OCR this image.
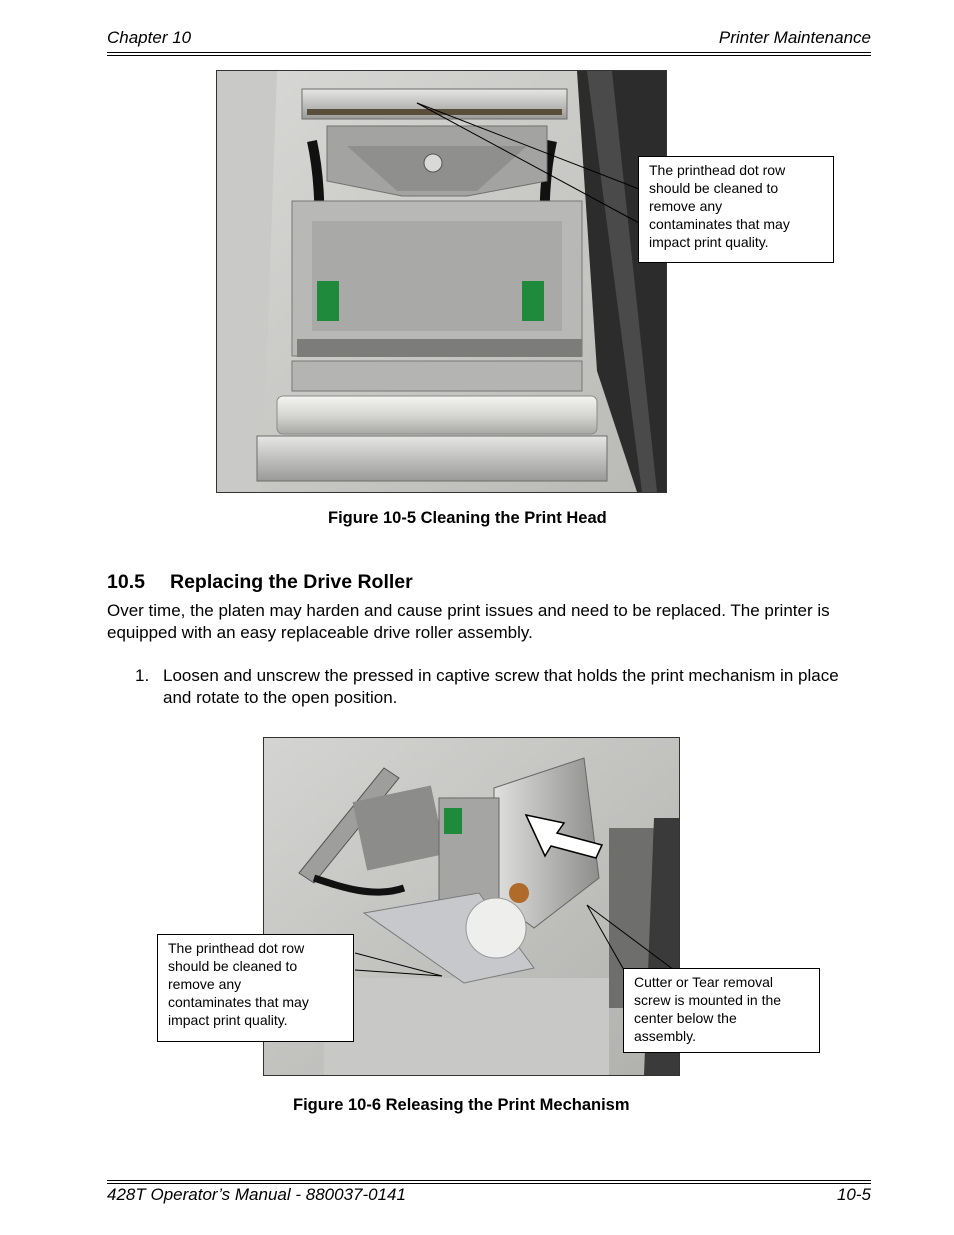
Chapter 10	Printer Maintenance
The printhead dot row
should be cleaned to
remove any
contaminates that may
impact print quality.
Figure 10-5 Cleaning the Print Head
10.5 Replacing the Drive Roller
Over time, the platen may harden and cause print issues and need to be replaced. The printer is equipped with an easy replaceable drive roller assembly.
1. Loosen and unscrew the pressed in captive screw that holds the print mechanism in place and rotate to the open position.
The printhead dot row
should be cleaned to
remove any
contaminates that may
impact print quality.
Cutter or Tear removal
screw is mounted in the
center below the
assembly.
Figure 10-6 Releasing the Print Mechanism
428T Operator’s Manual - 880037-0141	10-5
